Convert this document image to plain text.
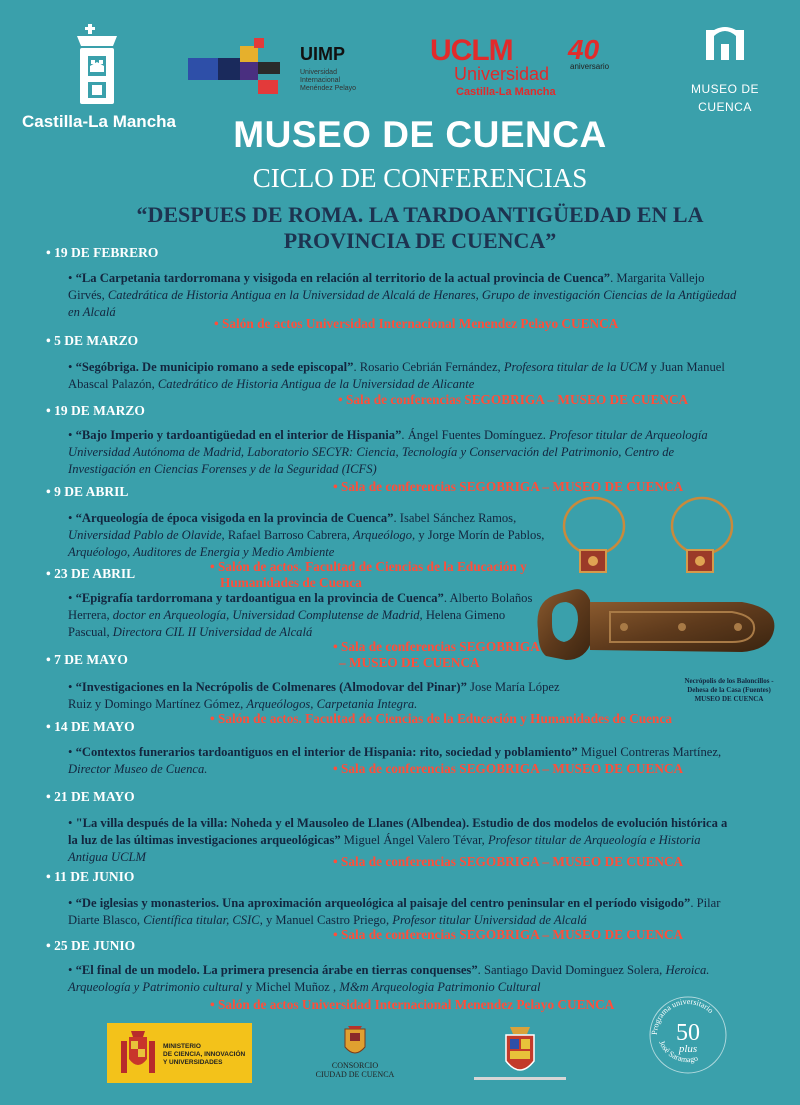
Castilla-La Mancha
UIMP
Universidad
Internacional
Menéndez Pelayo
UCLM 40
aniversario
Universidad
Castilla-La Mancha	MUSEO DE
CUENCA
MUSEO DE CUENCA
CICLO DE CONFERENCIAS
“DESPUES DE ROMA. LA TARDOANTIGÜEDAD EN LA
PROVINCIA DE CUENCA”
• 19 DE FEBRERO
• “La Carpetania tardorromana y visigoda en relación al territorio de la actual provincia de Cuenca”. Margarita Vallejo Girvés, Catedrática de Historia Antigua en la Universidad de Alcalá de Henares, Grupo de investigación Ciencias de la Antigüedad en Alcalá
• Salón de actos Universidad Internacional Menendez Pelayo CUENCA
• 5 DE MARZO
• “Segóbriga. De municipio romano a sede episcopal”. Rosario Cebrián Fernández, Profesora titular de la UCM y Juan Manuel Abascal Palazón, Catedrático de Historia Antigua de la Universidad de Alicante
• Sala de conferencias SEGOBRIGA – MUSEO DE CUENCA
• 19 DE MARZO
• “Bajo Imperio y tardoantigüedad en el interior de Hispania”. Ángel Fuentes Domínguez. Profesor titular de Arqueología Universidad Autónoma de Madrid, Laboratorio SECYR: Ciencia, Tecnología y Conservación del Patrimonio, Centro de Investigación en Ciencias Forenses y de la Seguridad (ICFS)
• Sala de conferencias SEGOBRIGA – MUSEO DE CUENCA
• 9 DE ABRIL
• “Arqueología de época visigoda en la provincia de Cuenca”. Isabel Sánchez Ramos, Universidad Pablo de Olavide, Rafael Barroso Cabrera, Arqueólogo, y Jorge Morín de Pablos, Arquéologo, Auditores de Energia y Medio Ambiente
• Salón de actos. Facultad de Ciencias de la Educación y
Humanidades de Cuenca
• 23 DE ABRIL
• “Epigrafía tardorromana y tardoantigua en la provincia de Cuenca”. Alberto Bolaños Herrera, doctor en Arqueología, Universidad Complutense de Madrid, Helena Gimeno Pascual, Directora CIL II Universidad de Alcalá
• Sala de conferencias SEGOBRIGA
– MUSEO DE CUENCA
• 7 DE MAYO
• “Investigaciones en la Necrópolis de Colmenares (Almodovar del Pinar)” Jose María López Ruiz y Domingo Martínez Gómez, Arqueólogos, Carpetania Integra.
• Salón de actos. Facultad de Ciencias de la Educación y Humanidades de Cuenca
• 14 DE MAYO
• “Contextos funerarios tardoantiguos en el interior de Hispania: rito, sociedad y poblamiento” Miguel Contreras Martínez, Director Museo de Cuenca.	• Sala de conferencias SEGOBRIGA – MUSEO DE CUENCA
• 21 DE MAYO
• "La villa después de la villa: Noheda y el Mausoleo de Llanes (Albendea). Estudio de dos modelos de evolución histórica a la luz de las últimas investigaciones arqueológicas” Miguel Ángel Valero Tévar, Profesor titular de Arqueología e Historia Antigua UCLM	• Sala de conferencias SEGOBRIGA – MUSEO DE CUENCA
• 11 DE JUNIO
• “De iglesias y monasterios. Una aproximación arqueológica al paisaje del centro peninsular en el período visigodo”. Pilar Diarte Blasco, Científica titular, CSIC, y Manuel Castro Priego, Profesor titular Universidad de Alcalá
• Sala de conferencias SEGOBRIGA – MUSEO DE CUENCA
• 25 DE JUNIO
• “El final de un modelo. La primera presencia árabe en tierras conquenses”. Santiago David Dominguez Solera, Heroica. Arqueología y Patrimonio cultural y Michel Muñoz , M&m Arqueologia Patrimonio Cultural
• Salón de actos Universidad Internacional Menendez Pelayo CUENCA
Necrópolis de los Baloncillos -
Dehesa de la Casa (Fuentes)
MUSEO DE CUENCA
MINISTERIO
DE CIENCIA, INNOVACIÓN
Y UNIVERSIDADES	CONSORCIO
CIUDAD DE CUENCA
Programa universitario
José Saramago
50
plus
